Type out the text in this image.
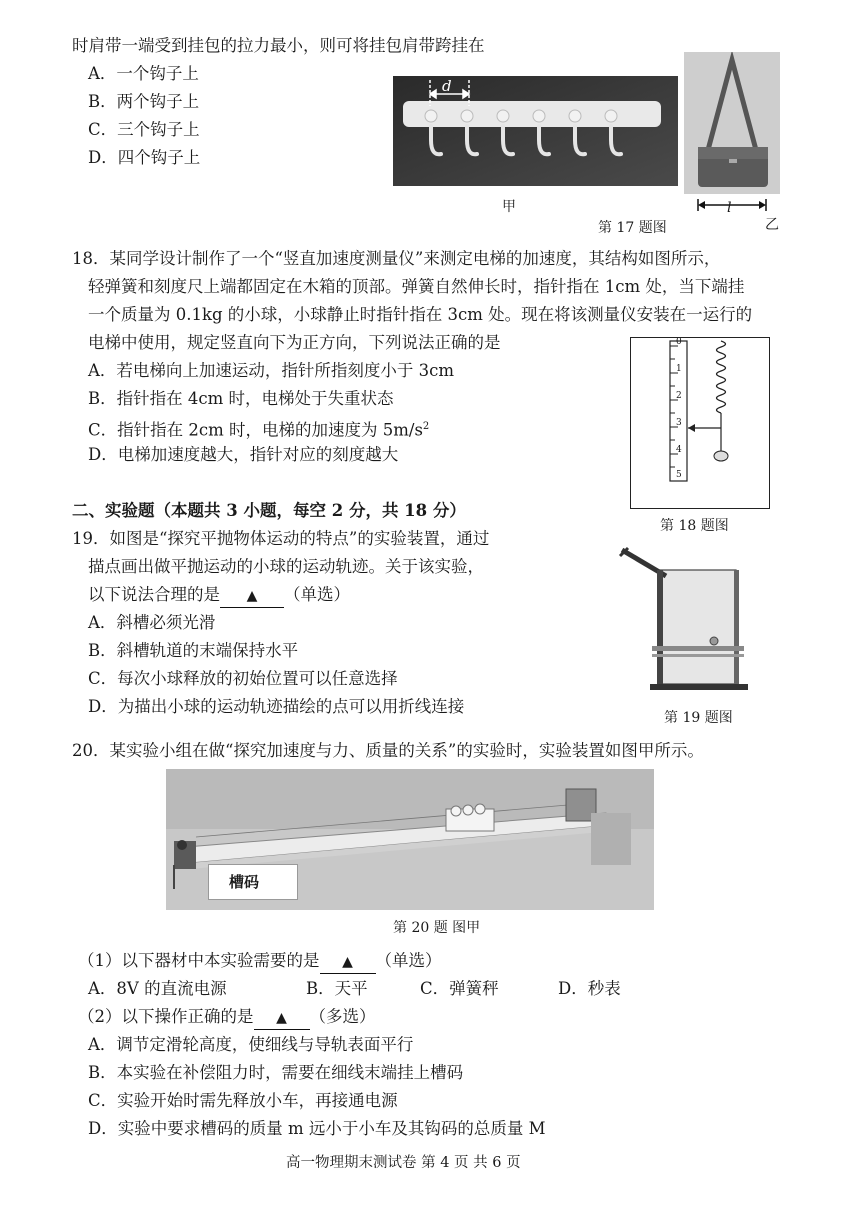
时肩带一端受到挂包的拉力最小，则可将挂包肩带跨挂在
A．一个钩子上
B．两个钩子上
C．三个钩子上
D．四个钩子上
d
甲	l
乙
第 17 题图
18．某同学设计制作了一个“竖直加速度测量仪”来测定电梯的加速度，其结构如图所示，
轻弹簧和刻度尺上端都固定在木箱的顶部。弹簧自然伸长时，指针指在 1cm 处，当下端挂
一个质量为 0.1kg 的小球，小球静止时指针指在 3cm 处。现在将该测量仪安装在一运行的
电梯中使用，规定竖直向下为正方向，下列说法正确的是
A．若电梯向上加速运动，指针所指刻度小于 3cm
B．指针指在 4cm 时，电梯处于失重状态
C．指针指在 2cm 时，电梯的加速度为 $5m/s^2$
D．电梯加速度越大，指针对应的刻度越大
0
1
2
3
4
5
第 18 题图
二、实验题（本题共 3 小题，每空 2 分，共 18 分）
19．如图是“探究平抛物体运动的特点”的实验装置，通过
描点画出做平抛运动的小球的运动轨迹。关于该实验，
以下说法合理的是 ▲ （单选）
A．斜槽必须光滑
B．斜槽轨道的末端保持水平
C．每次小球释放的初始位置可以任意选择
D．为描出小球的运动轨迹描绘的点可以用折线连接
第 19 题图
20．某实验小组在做“探究加速度与力、质量的关系”的实验时，实验装置如图甲所示。
槽码
第 20 题 图甲
（1）以下器材中本实验需要的是 ▲ （单选）
A．8V 的直流电源	B．天平	C．弹簧秤	D．秒表
（2）以下操作正确的是 ▲ （多选）
A．调节定滑轮高度，使细线与导轨表面平行
B．本实验在补偿阻力时，需要在细线末端挂上槽码
C．实验开始时需先释放小车，再接通电源
D．实验中要求槽码的质量 m 远小于小车及其钩码的总质量 M
高一物理期末测试卷 第 4 页 共 6 页
